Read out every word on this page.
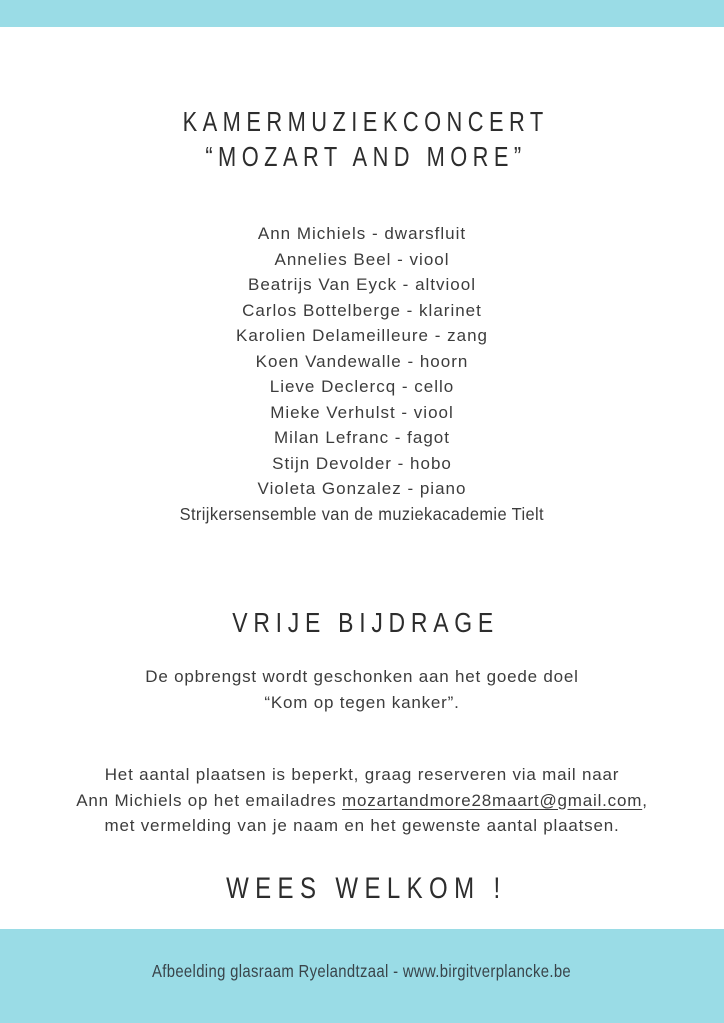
KAMERMUZIEKCONCERT
“MOZART AND MORE”
Ann Michiels - dwarsfluit
Annelies Beel - viool
Beatrijs Van Eyck - altviool
Carlos Bottelberge - klarinet
Karolien Delameilleure - zang
Koen Vandewalle - hoorn
Lieve Declercq - cello
Mieke Verhulst - viool
Milan Lefranc - fagot
Stijn Devolder - hobo
Violeta Gonzalez - piano
Strijkersensemble van de muziekacademie Tielt
VRIJE BIJDRAGE

De opbrengst wordt geschonken aan het goede doel
“Kom op tegen kanker”.

Het aantal plaatsen is beperkt, graag reserveren via mail naar
Ann Michiels op het emailadres mozartandmore28maart@gmail.com,
met vermelding van je naam en het gewenste aantal plaatsen.

WEES WELKOM !
Afbeelding glasraam Ryelandtzaal - www.birgitverplancke.be
